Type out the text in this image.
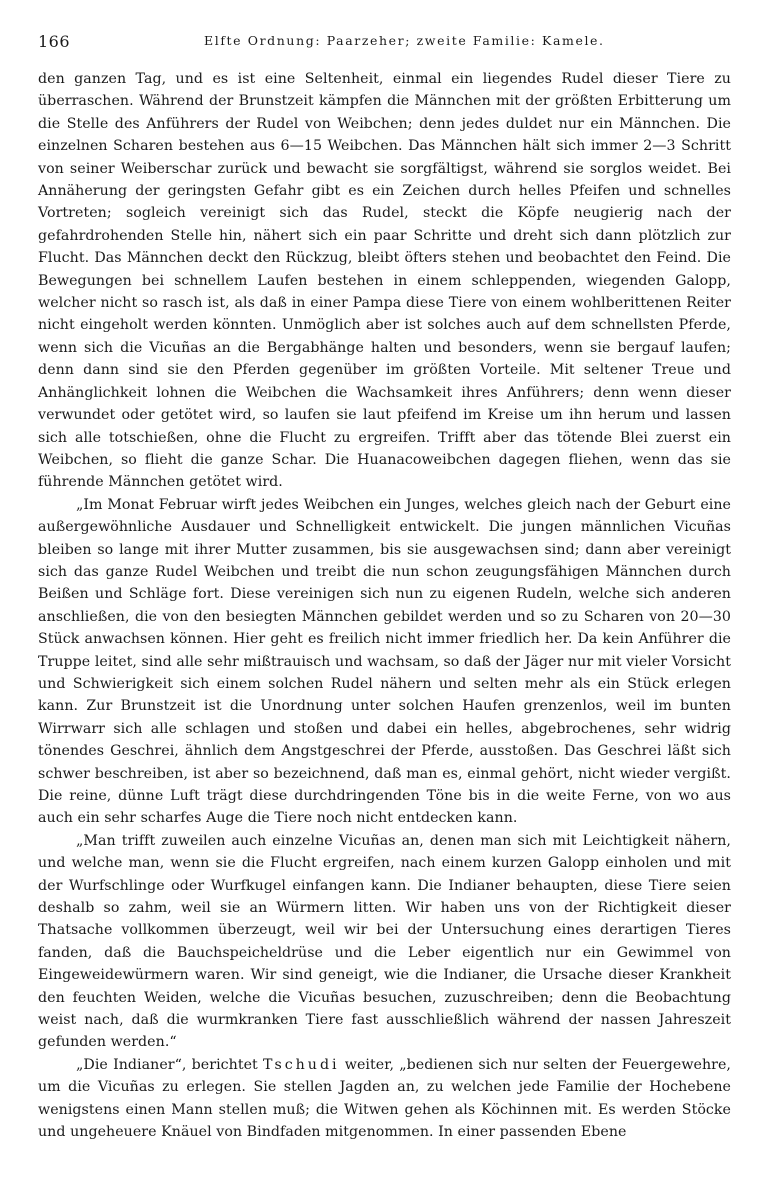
166	Elfte Ordnung: Paarzeher; zweite Familie: Kamele.

den ganzen Tag, und es ist eine Seltenheit, einmal ein liegendes Rudel dieser Tiere zu überraschen. Während der Brunstzeit kämpfen die Männchen mit der größten Erbitterung um die Stelle des Anführers der Rudel von Weibchen; denn jedes duldet nur ein Männchen. Die einzelnen Scharen bestehen aus 6—15 Weibchen. Das Männchen hält sich immer 2—3 Schritt von seiner Weiberschar zurück und bewacht sie sorgfältigst, während sie sorglos weidet. Bei Annäherung der geringsten Gefahr gibt es ein Zeichen durch helles Pfeifen und schnelles Vortreten; sogleich vereinigt sich das Rudel, steckt die Köpfe neugierig nach der gefahrdrohenden Stelle hin, nähert sich ein paar Schritte und dreht sich dann plötzlich zur Flucht. Das Männchen deckt den Rückzug, bleibt öfters stehen und beobachtet den Feind. Die Bewegungen bei schnellem Laufen bestehen in einem schleppenden, wiegenden Galopp, welcher nicht so rasch ist, als daß in einer Pampa diese Tiere von einem wohlberittenen Reiter nicht eingeholt werden könnten. Unmöglich aber ist solches auch auf dem schnellsten Pferde, wenn sich die Vicuñas an die Bergabhänge halten und besonders, wenn sie bergauf laufen; denn dann sind sie den Pferden gegenüber im größten Vorteile. Mit seltener Treue und Anhänglichkeit lohnen die Weibchen die Wachsamkeit ihres Anführers; denn wenn dieser verwundet oder getötet wird, so laufen sie laut pfeifend im Kreise um ihn herum und lassen sich alle totschießen, ohne die Flucht zu ergreifen. Trifft aber das tötende Blei zuerst ein Weibchen, so flieht die ganze Schar. Die Huanacoweibchen dagegen fliehen, wenn das sie führende Männchen getötet wird.

„Im Monat Februar wirft jedes Weibchen ein Junges, welches gleich nach der Geburt eine außergewöhnliche Ausdauer und Schnelligkeit entwickelt. Die jungen männlichen Vicuñas bleiben so lange mit ihrer Mutter zusammen, bis sie ausgewachsen sind; dann aber vereinigt sich das ganze Rudel Weibchen und treibt die nun schon zeugungsfähigen Männchen durch Beißen und Schläge fort. Diese vereinigen sich nun zu eigenen Rudeln, welche sich anderen anschließen, die von den besiegten Männchen gebildet werden und so zu Scharen von 20—30 Stück anwachsen können. Hier geht es freilich nicht immer friedlich her. Da kein Anführer die Truppe leitet, sind alle sehr mißtrauisch und wachsam, so daß der Jäger nur mit vieler Vorsicht und Schwierigkeit sich einem solchen Rudel nähern und selten mehr als ein Stück erlegen kann. Zur Brunstzeit ist die Unordnung unter solchen Haufen grenzenlos, weil im bunten Wirrwarr sich alle schlagen und stoßen und dabei ein helles, abgebrochenes, sehr widrig tönendes Geschrei, ähnlich dem Angstgeschrei der Pferde, ausstoßen. Das Geschrei läßt sich schwer beschreiben, ist aber so bezeichnend, daß man es, einmal gehört, nicht wieder vergißt. Die reine, dünne Luft trägt diese durchdringenden Töne bis in die weite Ferne, von wo aus auch ein sehr scharfes Auge die Tiere noch nicht entdecken kann.

„Man trifft zuweilen auch einzelne Vicuñas an, denen man sich mit Leichtigkeit nähern, und welche man, wenn sie die Flucht ergreifen, nach einem kurzen Galopp einholen und mit der Wurfschlinge oder Wurfkugel einfangen kann. Die Indianer behaupten, diese Tiere seien deshalb so zahm, weil sie an Würmern litten. Wir haben uns von der Richtigkeit dieser Thatsache vollkommen überzeugt, weil wir bei der Untersuchung eines derartigen Tieres fanden, daß die Bauchspeicheldrüse und die Leber eigentlich nur ein Gewimmel von Eingeweidewürmern waren. Wir sind geneigt, wie die Indianer, die Ursache dieser Krankheit den feuchten Weiden, welche die Vicuñas besuchen, zuzuschreiben; denn die Beobachtung weist nach, daß die wurmkranken Tiere fast ausschließlich während der nassen Jahreszeit gefunden werden.“

„Die Indianer“, berichtet Tschudi weiter, „bedienen sich nur selten der Feuergewehre, um die Vicuñas zu erlegen. Sie stellen Jagden an, zu welchen jede Familie der Hochebene wenigstens einen Mann stellen muß; die Witwen gehen als Köchinnen mit. Es werden Stöcke und ungeheuere Knäuel von Bindfaden mitgenommen. In einer passenden Ebene
